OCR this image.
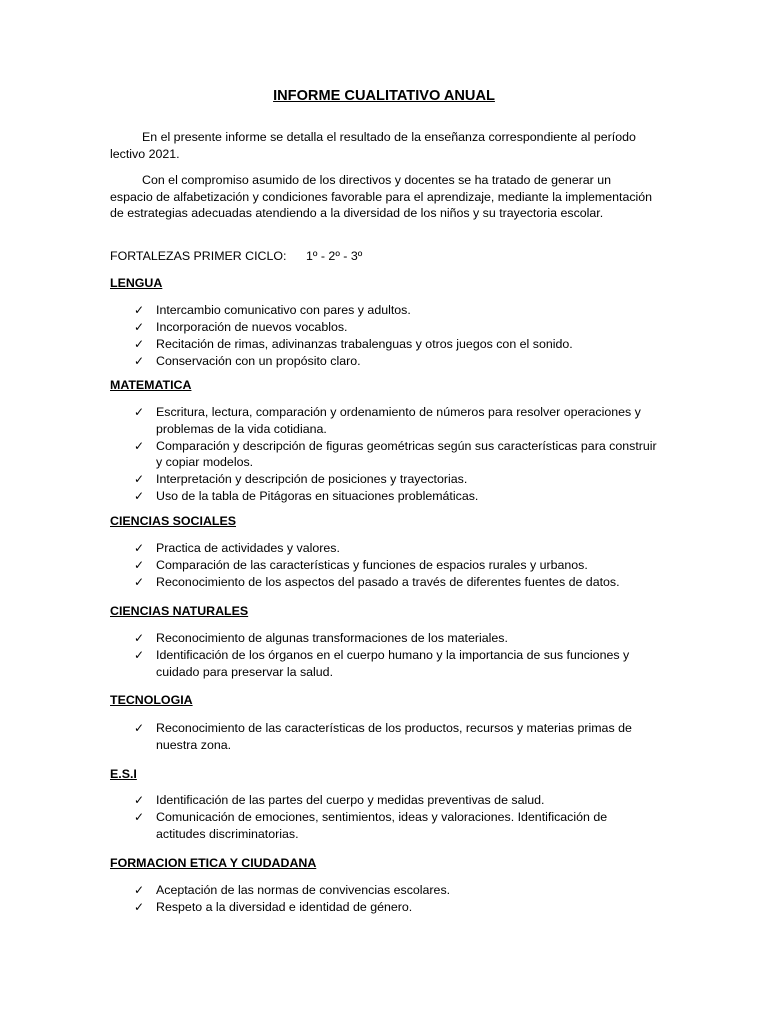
INFORME CUALITATIVO ANUAL

En el presente informe se detalla el resultado de la enseñanza correspondiente al período lectivo 2021.

Con el compromiso asumido de los directivos y docentes se ha tratado de generar un espacio de alfabetización y condiciones favorable para el aprendizaje, mediante la implementación de estrategias adecuadas atendiendo a la diversidad de los niños y su trayectoria escolar.

FORTALEZAS PRIMER CICLO: 1º - 2º - 3º
LENGUA
✓ Intercambio comunicativo con pares y adultos.
✓ Incorporación de nuevos vocablos.
✓ Recitación de rimas, adivinanzas trabalenguas y otros juegos con el sonido.
✓ Conservación con un propósito claro.
MATEMATICA
✓ Escritura, lectura, comparación y ordenamiento de números para resolver operaciones y problemas de la vida cotidiana.
✓ Comparación y descripción de figuras geométricas según sus características para construir y copiar modelos.
✓ Interpretación y descripción de posiciones y trayectorias.
✓ Uso de la tabla de Pitágoras en situaciones problemáticas.
CIENCIAS SOCIALES
✓ Practica de actividades y valores.
✓ Comparación de las características y funciones de espacios rurales y urbanos.
✓ Reconocimiento de los aspectos del pasado a través de diferentes fuentes de datos.
CIENCIAS NATURALES
✓ Reconocimiento de algunas transformaciones de los materiales.
✓ Identificación de los órganos en el cuerpo humano y la importancia de sus funciones y cuidado para preservar la salud.
TECNOLOGIA
✓ Reconocimiento de las características de los productos, recursos y materias primas de nuestra zona.
E.S.I
✓ Identificación de las partes del cuerpo y medidas preventivas de salud.
✓ Comunicación de emociones, sentimientos, ideas y valoraciones. Identificación de actitudes discriminatorias.
FORMACION ETICA Y CIUDADANA
✓ Aceptación de las normas de convivencias escolares.
✓ Respeto a la diversidad e identidad de género.
